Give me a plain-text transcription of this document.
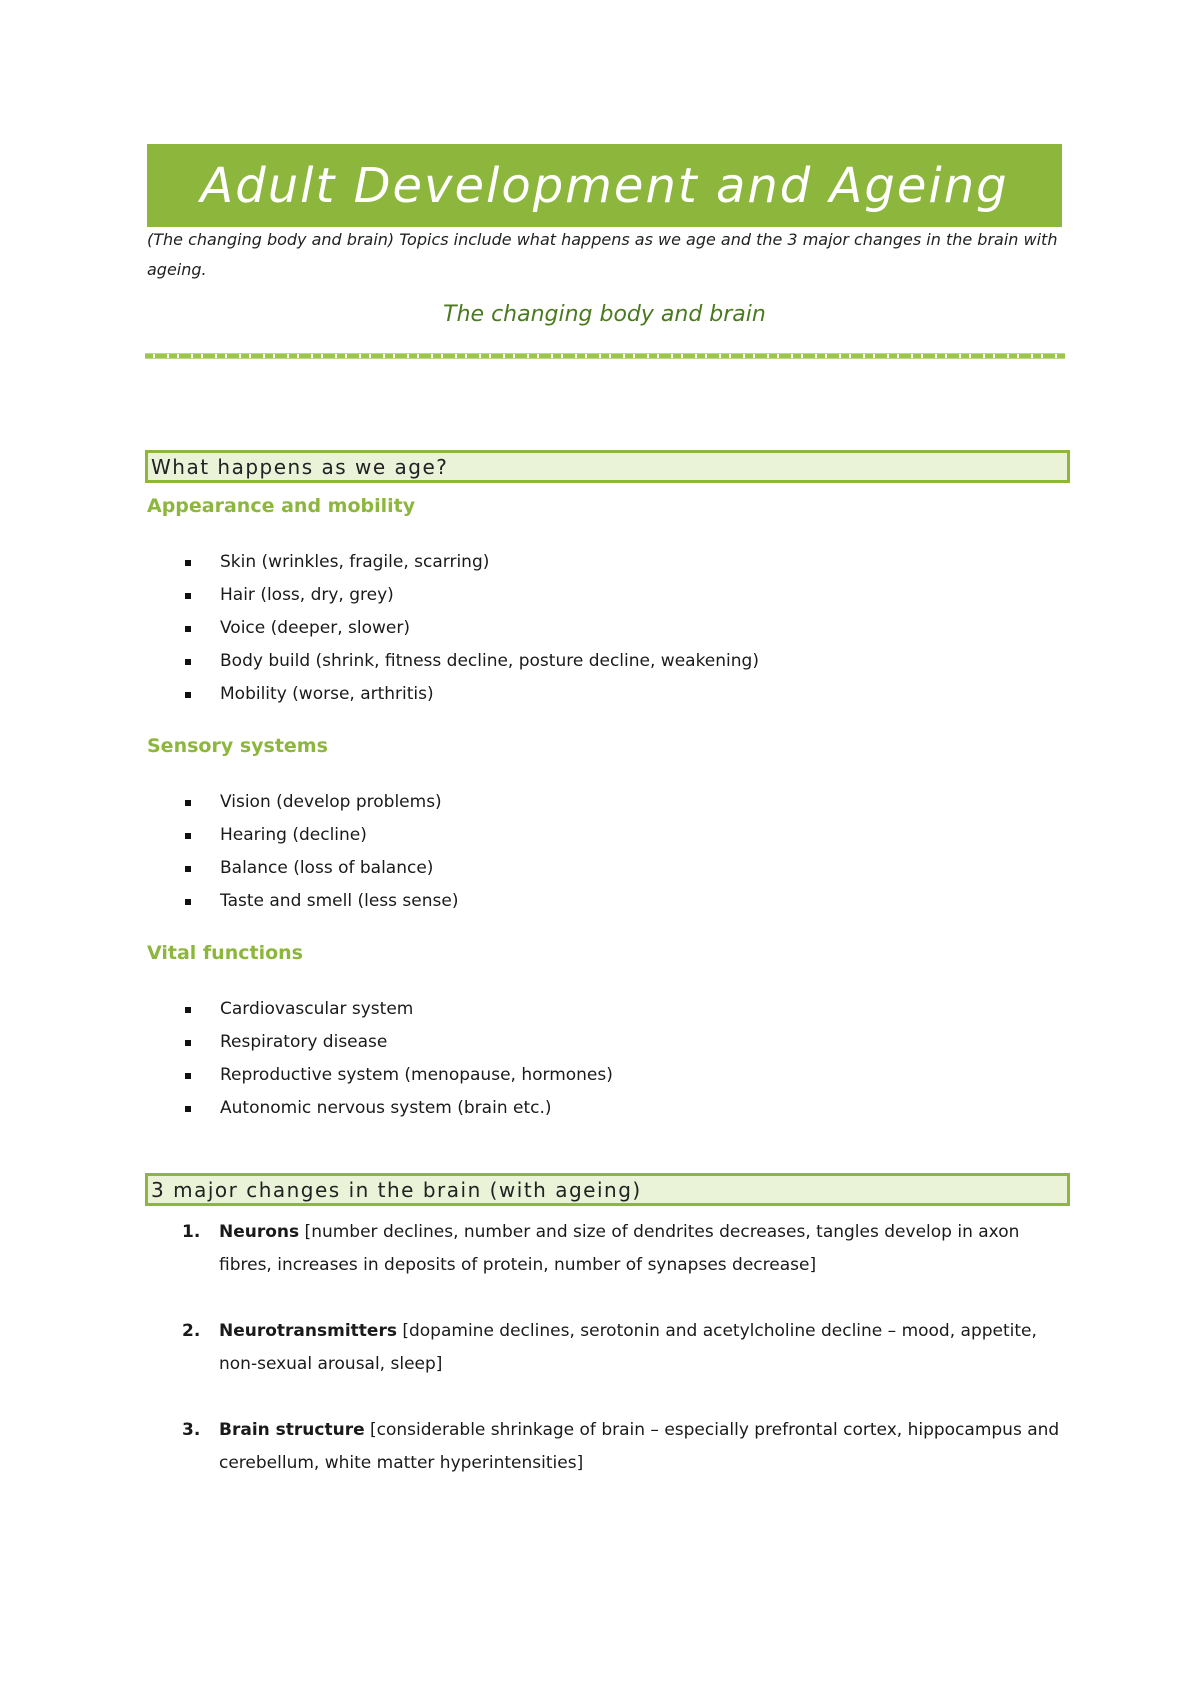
Adult Development and Ageing
(The changing body and brain) Topics include what happens as we age and the 3 major changes in the brain with ageing.
The changing body and brain
What happens as we age?
Appearance and mobility
Skin (wrinkles, fragile, scarring)
Hair (loss, dry, grey)
Voice (deeper, slower)
Body build (shrink, fitness decline, posture decline, weakening)
Mobility (worse, arthritis)
Sensory systems
Vision (develop problems)
Hearing (decline)
Balance (loss of balance)
Taste and smell (less sense)
Vital functions
Cardiovascular system
Respiratory disease
Reproductive system (menopause, hormones)
Autonomic nervous system (brain etc.)
3 major changes in the brain (with ageing)
1.	Neurons [number declines, number and size of dendrites decreases, tangles develop in axon fibres, increases in deposits of protein, number of synapses decrease]
2.	Neurotransmitters [dopamine declines, serotonin and acetylcholine decline – mood, appetite, non-sexual arousal, sleep]
3.	Brain structure [considerable shrinkage of brain – especially prefrontal cortex, hippocampus and cerebellum, white matter hyperintensities]
